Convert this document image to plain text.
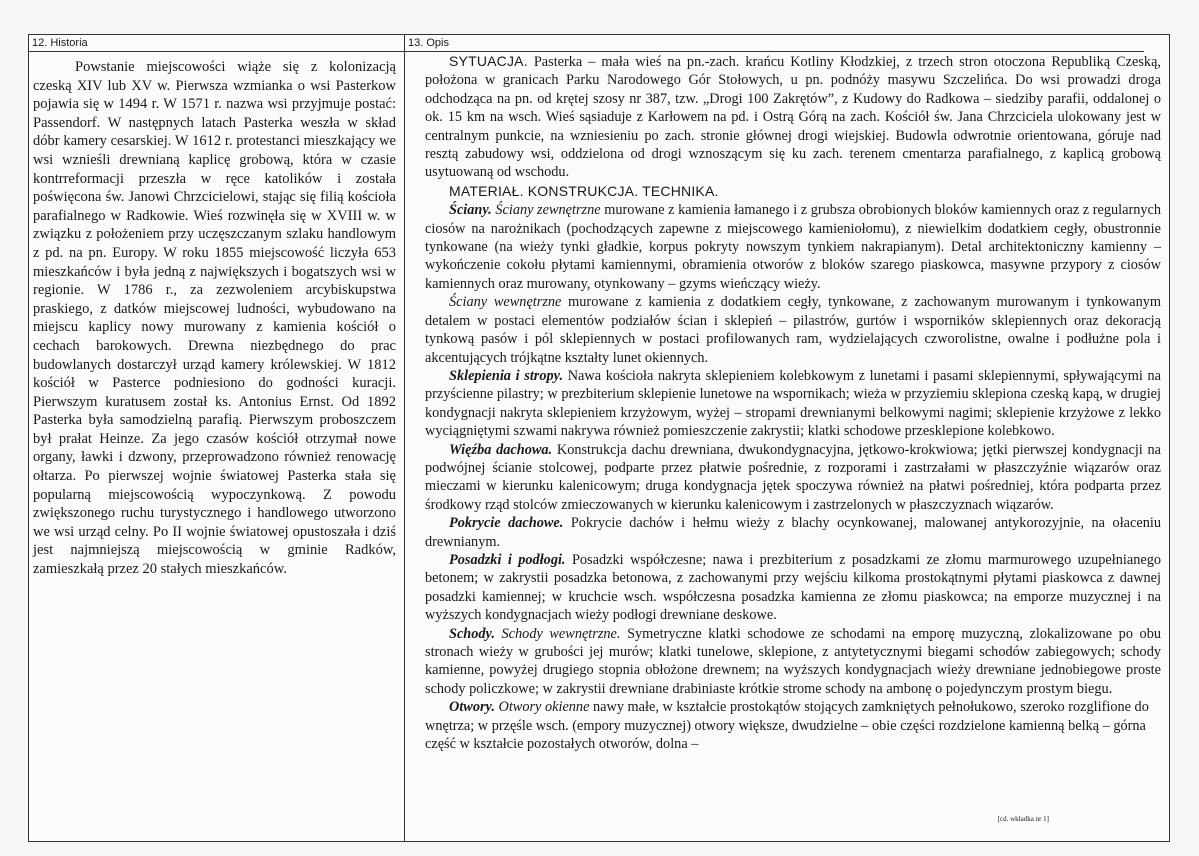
12. Historia

Powstanie miejscowości wiąże się z kolonizacją czeską XIV lub XV w. Pierwsza wzmianka o wsi Pasterkow pojawia się w 1494 r. W 1571 r. nazwa wsi przyjmuje postać: Passendorf. W następnych latach Pasterka weszła w skład dóbr kamery cesarskiej. W 1612 r. protestanci mieszkający we wsi wznieśli drewnianą kaplicę grobową, która w czasie kontrreformacji przeszła w ręce katolików i została poświęcona św. Janowi Chrzcicielowi, stając się filią kościoła parafialnego w Radkowie. Wieś rozwinęła się w XVIII w. w związku z położeniem przy uczęszczanym szlaku handlowym z pd. na pn. Europy. W roku 1855 miejscowość liczyła 653 mieszkańców i była jedną z największych i bogatszych wsi w regionie. W 1786 r., za zezwoleniem arcybiskupstwa praskiego, z datków miejscowej ludności, wybudowano na miejscu kaplicy nowy murowany z kamienia kościół o cechach barokowych. Drewna niezbędnego do prac budowlanych dostarczył urząd kamery królewskiej. W 1812 kościół w Pasterce podniesiono do godności kuracji. Pierwszym kuratusem został ks. Antonius Ernst. Od 1892 Pasterka była samodzielną parafią. Pierwszym proboszczem był prałat Heinze. Za jego czasów kościół otrzymał nowe organy, ławki i dzwony, przeprowadzono również renowację ołtarza. Po pierwszej wojnie światowej Pasterka stała się popularną miejscowością wypoczynkową. Z powodu zwiększonego ruchu turystycznego i handlowego utworzono we wsi urząd celny. Po II wojnie światowej opustoszała i dziś jest najmniejszą miejscowością w gminie Radków, zamieszkałą przez 20 stałych mieszkańców.

13. Opis

SYTUACJA. Pasterka – mała wieś na pn.-zach. krańcu Kotliny Kłodzkiej, z trzech stron otoczona Republiką Czeską, położona w granicach Parku Narodowego Gór Stołowych, u pn. podnóży masywu Szczelińca. Do wsi prowadzi droga odchodząca na pn. od krętej szosy nr 387, tzw. „Drogi 100 Zakrętów”, z Kudowy do Radkowa – siedziby parafii, oddalonej o ok. 15 km na wsch. Wieś sąsiaduje z Karłowem na pd. i Ostrą Górą na zach. Kościół św. Jana Chrzciciela ulokowany jest w centralnym punkcie, na wzniesieniu po zach. stronie głównej drogi wiejskiej. Budowla odwrotnie orientowana, góruje nad resztą zabudowy wsi, oddzielona od drogi wznoszącym się ku zach. terenem cmentarza parafialnego, z kaplicą grobową usytuowaną od wschodu.

MATERIAŁ. KONSTRUKCJA. TECHNIKA.

Ściany. Ściany zewnętrzne murowane z kamienia łamanego i z grubsza obrobionych bloków kamiennych oraz z regularnych ciosów na narożnikach (pochodzących zapewne z miejscowego kamieniołomu), z niewielkim dodatkiem cegły, obustronnie tynkowane (na wieży tynki gładkie, korpus pokryty nowszym tynkiem nakrapianym). Detal architektoniczny kamienny – wykończenie cokołu płytami kamiennymi, obramienia otworów z bloków szarego piaskowca, masywne przypory z ciosów kamiennych oraz murowany, otynkowany – gzyms wieńczący wieży.

Ściany wewnętrzne murowane z kamienia z dodatkiem cegły, tynkowane, z zachowanym murowanym i tynkowanym detalem w postaci elementów podziałów ścian i sklepień – pilastrów, gurtów i wsporników sklepiennych oraz dekoracją tynkową pasów i pól sklepiennych w postaci profilowanych ram, wydzielających czworolistne, owalne i podłużne pola i akcentujących trójkątne kształty lunet okiennych.

Sklepienia i stropy. Nawa kościoła nakryta sklepieniem kolebkowym z lunetami i pasami sklepiennymi, spływającymi na przyścienne pilastry; w prezbiterium sklepienie lunetowe na wspornikach; wieża w przyziemiu sklepiona czeską kapą, w drugiej kondygnacji nakryta sklepieniem krzyżowym, wyżej – stropami drewnianymi belkowymi nagimi; sklepienie krzyżowe z lekko wyciągniętymi szwami nakrywa również pomieszczenie zakrystii; klatki schodowe przesklepione kolebkowo.

Więźba dachowa. Konstrukcja dachu drewniana, dwukondygnacyjna, jętkowo-krokwiowa; jętki pierwszej kondygnacji na podwójnej ścianie stolcowej, podparte przez płatwie pośrednie, z rozporami i zastrzałami w płaszczyźnie wiązarów oraz mieczami w kierunku kalenicowym; druga kondygnacja jętek spoczywa również na płatwi pośredniej, która podparta przez środkowy rząd stolców zmieczowanych w kierunku kalenicowym i zastrzelonych w płaszczyznach wiązarów.

Pokrycie dachowe. Pokrycie dachów i hełmu wieży z blachy ocynkowanej, malowanej antykorozyjnie, na ołaceniu drewnianym.

Posadzki i podłogi. Posadzki współczesne; nawa i prezbiterium z posadzkami ze złomu marmurowego uzupełnianego betonem; w zakrystii posadzka betonowa, z zachowanymi przy wejściu kilkoma prostokątnymi płytami piaskowca z dawnej posadzki kamiennej; w kruchcie wsch. współczesna posadzka kamienna ze złomu piaskowca; na emporze muzycznej i na wyższych kondygnacjach wieży podłogi drewniane deskowe.

Schody. Schody wewnętrzne. Symetryczne klatki schodowe ze schodami na emporę muzyczną, zlokalizowane po obu stronach wieży w grubości jej murów; klatki tunelowe, sklepione, z antytetycznymi biegami schodów zabiegowych; schody kamienne, powyżej drugiego stopnia obłożone drewnem; na wyższych kondygnacjach wieży drewniane jednobiegowe proste schody policzkowe; w zakrystii drewniane drabiniaste krótkie strome schody na ambonę o pojedynczym prostym biegu.

Otwory. Otwory okienne nawy małe, w kształcie prostokątów stojących zamkniętych pełnołukowo, szeroko rozglifione do wnętrza; w przęśle wsch. (empory muzycznej) otwory większe, dwudzielne – obie części rozdzielone kamienną belką – górna część w kształcie pozostałych otworów, dolna –

[cd. wkładka nr 1]
